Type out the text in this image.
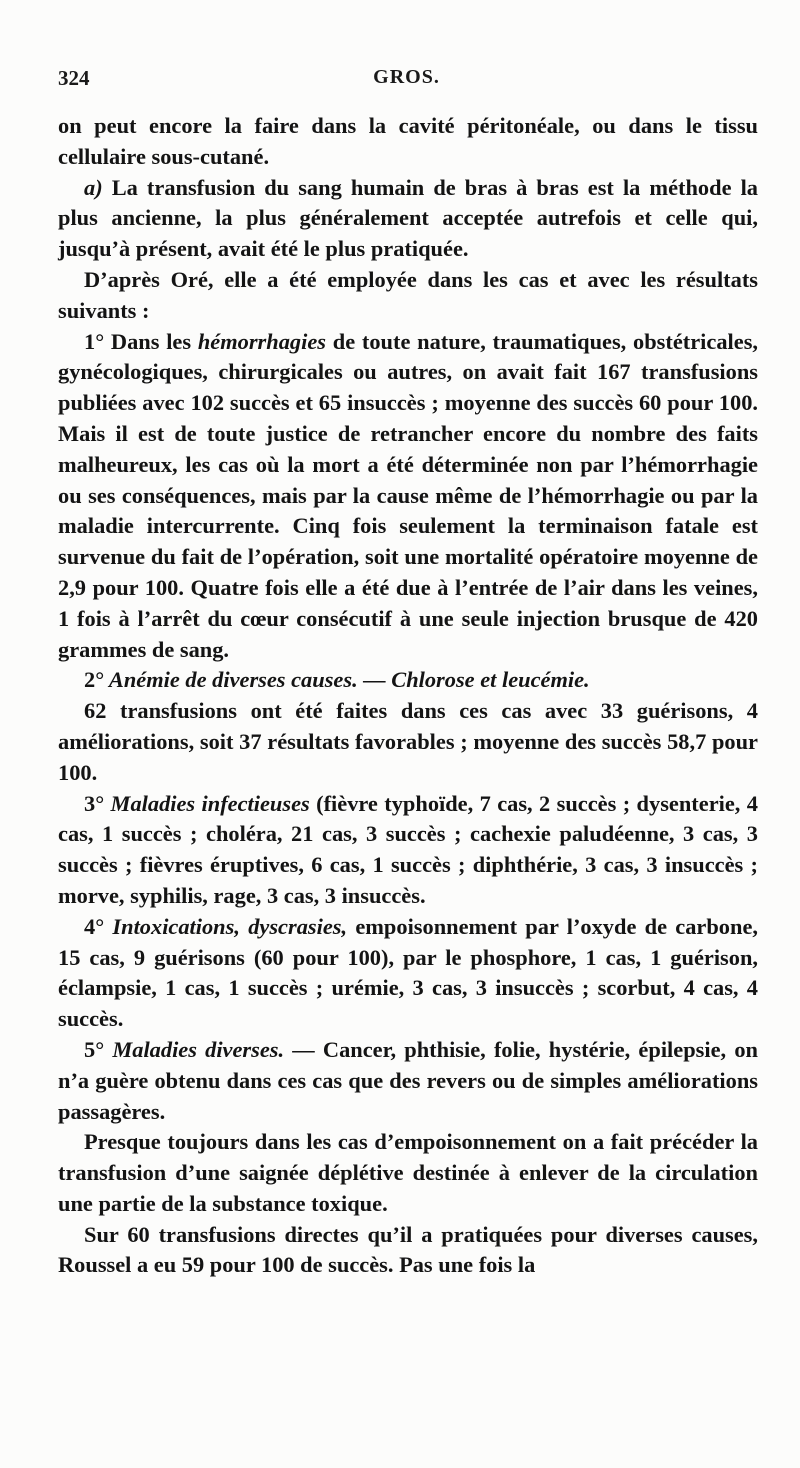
324	GROS.

on peut encore la faire dans la cavité péritonéale, ou dans le tissu cellulaire sous-cutané.

a) La transfusion du sang humain de bras à bras est la méthode la plus ancienne, la plus généralement acceptée autrefois et celle qui, jusqu’à présent, avait été le plus pratiquée.

D’après Oré, elle a été employée dans les cas et avec les résultats suivants :

1° Dans les hémorrhagies de toute nature, traumatiques, obstétricales, gynécologiques, chirurgicales ou autres, on avait fait 167 transfusions publiées avec 102 succès et 65 insuccès ; moyenne des succès 60 pour 100. Mais il est de toute justice de retrancher encore du nombre des faits malheureux, les cas où la mort a été déterminée non par l’hémorrhagie ou ses conséquences, mais par la cause même de l’hémorrhagie ou par la maladie intercurrente. Cinq fois seulement la terminaison fatale est survenue du fait de l’opération, soit une mortalité opératoire moyenne de 2,9 pour 100. Quatre fois elle a été due à l’entrée de l’air dans les veines, 1 fois à l’arrêt du cœur consécutif à une seule injection brusque de 420 grammes de sang.

2° Anémie de diverses causes. — Chlorose et leucémie.

62 transfusions ont été faites dans ces cas avec 33 guérisons, 4 améliorations, soit 37 résultats favorables ; moyenne des succès 58,7 pour 100.

3° Maladies infectieuses (fièvre typhoïde, 7 cas, 2 succès ; dysenterie, 4 cas, 1 succès ; choléra, 21 cas, 3 succès ; cachexie paludéenne, 3 cas, 3 succès ; fièvres éruptives, 6 cas, 1 succès ; diphthérie, 3 cas, 3 insuccès ; morve, syphilis, rage, 3 cas, 3 insuccès.

4° Intoxications, dyscrasies, empoisonnement par l’oxyde de carbone, 15 cas, 9 guérisons (60 pour 100), par le phosphore, 1 cas, 1 guérison, éclampsie, 1 cas, 1 succès ; urémie, 3 cas, 3 insuccès ; scorbut, 4 cas, 4 succès.

5° Maladies diverses. — Cancer, phthisie, folie, hystérie, épilepsie, on n’a guère obtenu dans ces cas que des revers ou de simples améliorations passagères.

Presque toujours dans les cas d’empoisonnement on a fait précéder la transfusion d’une saignée déplétive destinée à enlever de la circulation une partie de la substance toxique.

Sur 60 transfusions directes qu’il a pratiquées pour diverses causes, Roussel a eu 59 pour 100 de succès. Pas une fois la
